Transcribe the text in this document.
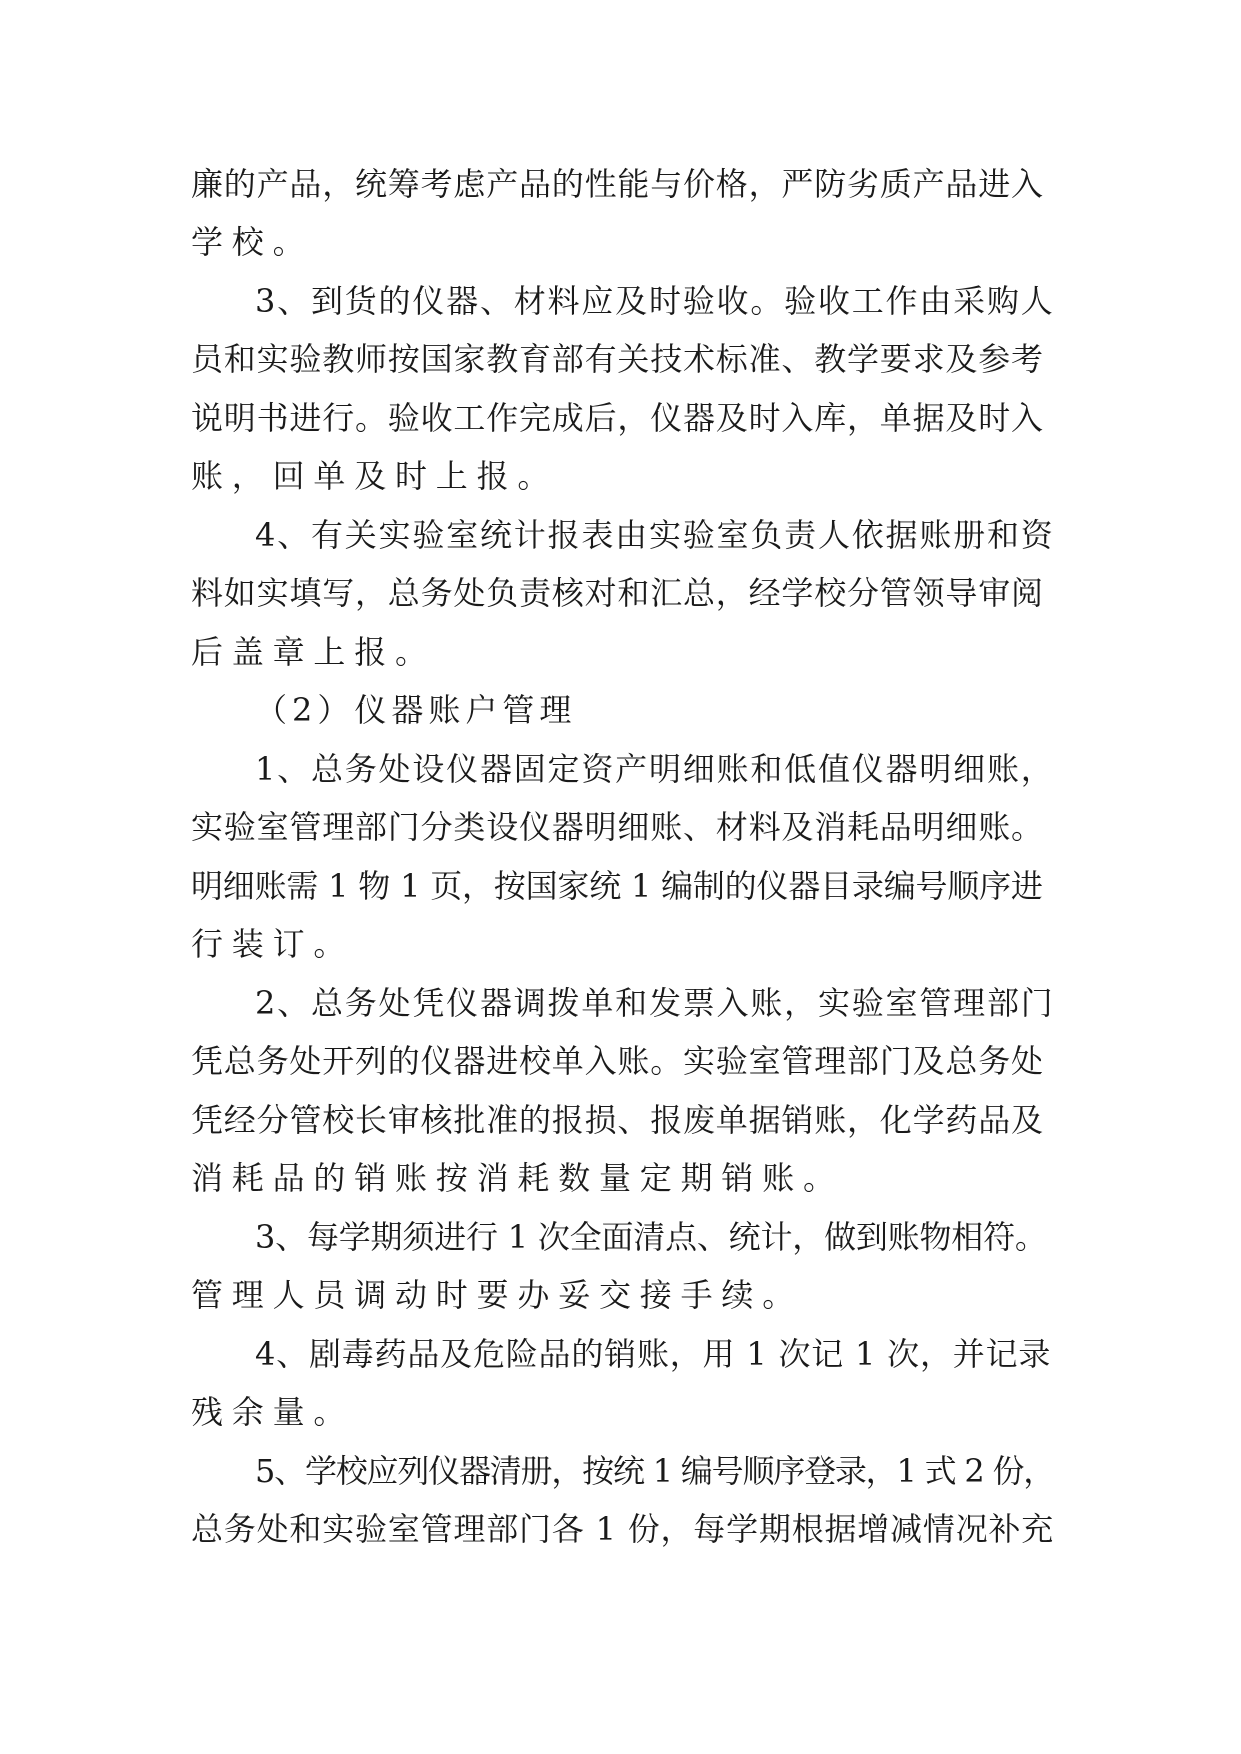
廉的产品，统筹考虑产品的性能与价格，严防劣质产品进入
学校。
3、到货的仪器、材料应及时验收。验收工作由采购人
员和实验教师按国家教育部有关技术标准、教学要求及参考
说明书进行。验收工作完成后，仪器及时入库，单据及时入
账，回单及时上报。
4、有关实验室统计报表由实验室负责人依据账册和资
料如实填写，总务处负责核对和汇总，经学校分管领导审阅
后盖章上报。
（2）仪器账户管理
1、总务处设仪器固定资产明细账和低值仪器明细账，
实验室管理部门分类设仪器明细账、材料及消耗品明细账。
明细账需 1 物 1 页，按国家统 1 编制的仪器目录编号顺序进
行装订。
2、总务处凭仪器调拨单和发票入账，实验室管理部门
凭总务处开列的仪器进校单入账。实验室管理部门及总务处
凭经分管校长审核批准的报损、报废单据销账，化学药品及
消耗品的销账按消耗数量定期销账。
3、每学期须进行 1 次全面清点、统计，做到账物相符。
管理人员调动时要办妥交接手续。
4、剧毒药品及危险品的销账，用 1 次记 1 次，并记录
残余量。
5、学校应列仪器清册，按统 1 编号顺序登录，1 式 2 份，
总务处和实验室管理部门各 1 份，每学期根据增减情况补充
